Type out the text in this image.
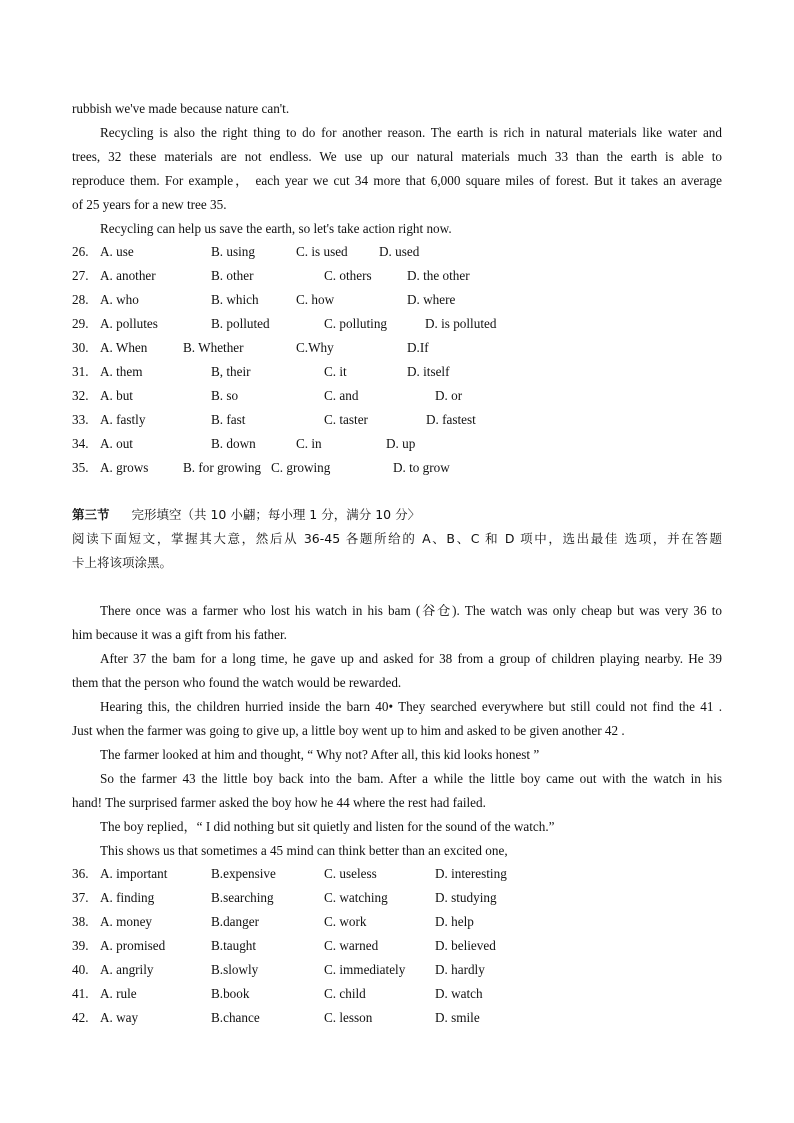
rubbish we've made because nature can't.
Recycling is also the right thing to do for another reason. The earth is rich in natural materials like water and
trees, 32 these materials are not endless. We use up our natural materials much 33 than the earth is able to
reproduce them. For example， each year we cut 34 more that 6,000 square miles of forest. But it takes an average
of 25 years for a new tree 35.
Recycling can help us save the earth, so let's take action right now.
26. A. use	B. using	C. is used D. used
27. A. another	B. other	C. others	D. the other
28. A. who	B. which	C. how	D. where
29. A. pollutes	B. polluted	C. polluting	D. is polluted
30. A. When	B. Whether	C.Why	D.If
31. A. them	B, their	C. it	D. itself
32. A. but	B. so	C. and	D. or
33. A. fastly	B. fast	C. taster	D. fastest
34. A. out	B. down	C. in	D. up
35. A. grows	B. for growing C. growing	D. to grow
第三节 完形填空（共 10 小翩；每小理 1 分，满分 10 分〉
阅读下面短文，掌握其大意，然后从 36-45 各题所给的 A、B、C 和 D 项中，选出最佳 选项，并在答题
卡上将该项涂黑。
There once was a farmer who lost his watch in his bam (谷仓). The watch was only cheap but was very 36 to
him because it was a gift from his father.
After 37 the bam for a long time, he gave up and asked for 38 from a group of children playing nearby. He 39
them that the person who found the watch would be rewarded.
Hearing this, the children hurried inside the barn 40• They searched everywhere but still could not find the 41 .
Just when the farmer was going to give up, a little boy went up to him and asked to be given another 42 .
The farmer looked at him and thought, “ Why not? After all, this kid looks honest ”
So the farmer 43 the little boy back into the bam. After a while the little boy came out with the watch in his
hand! The surprised farmer asked the boy how he 44 where the rest had failed.
The boy replied，“ I did nothing but sit quietly and listen for the sound of the watch.”
This shows us that sometimes a 45 mind can think better than an excited one,
36. A. important	B.expensive	C. useless	D. interesting
37. A. finding	B.searching	C. watching	D. studying
38. A. money	B.danger	C. work	D. help
39. A. promised	B.taught	C. warned	D. believed
40. A. angrily	B.slowly	C. immediately D. hardly
41. A. rule	B.book	C. child	D. watch
42. A. way	B.chance	C. lesson	D. smile
